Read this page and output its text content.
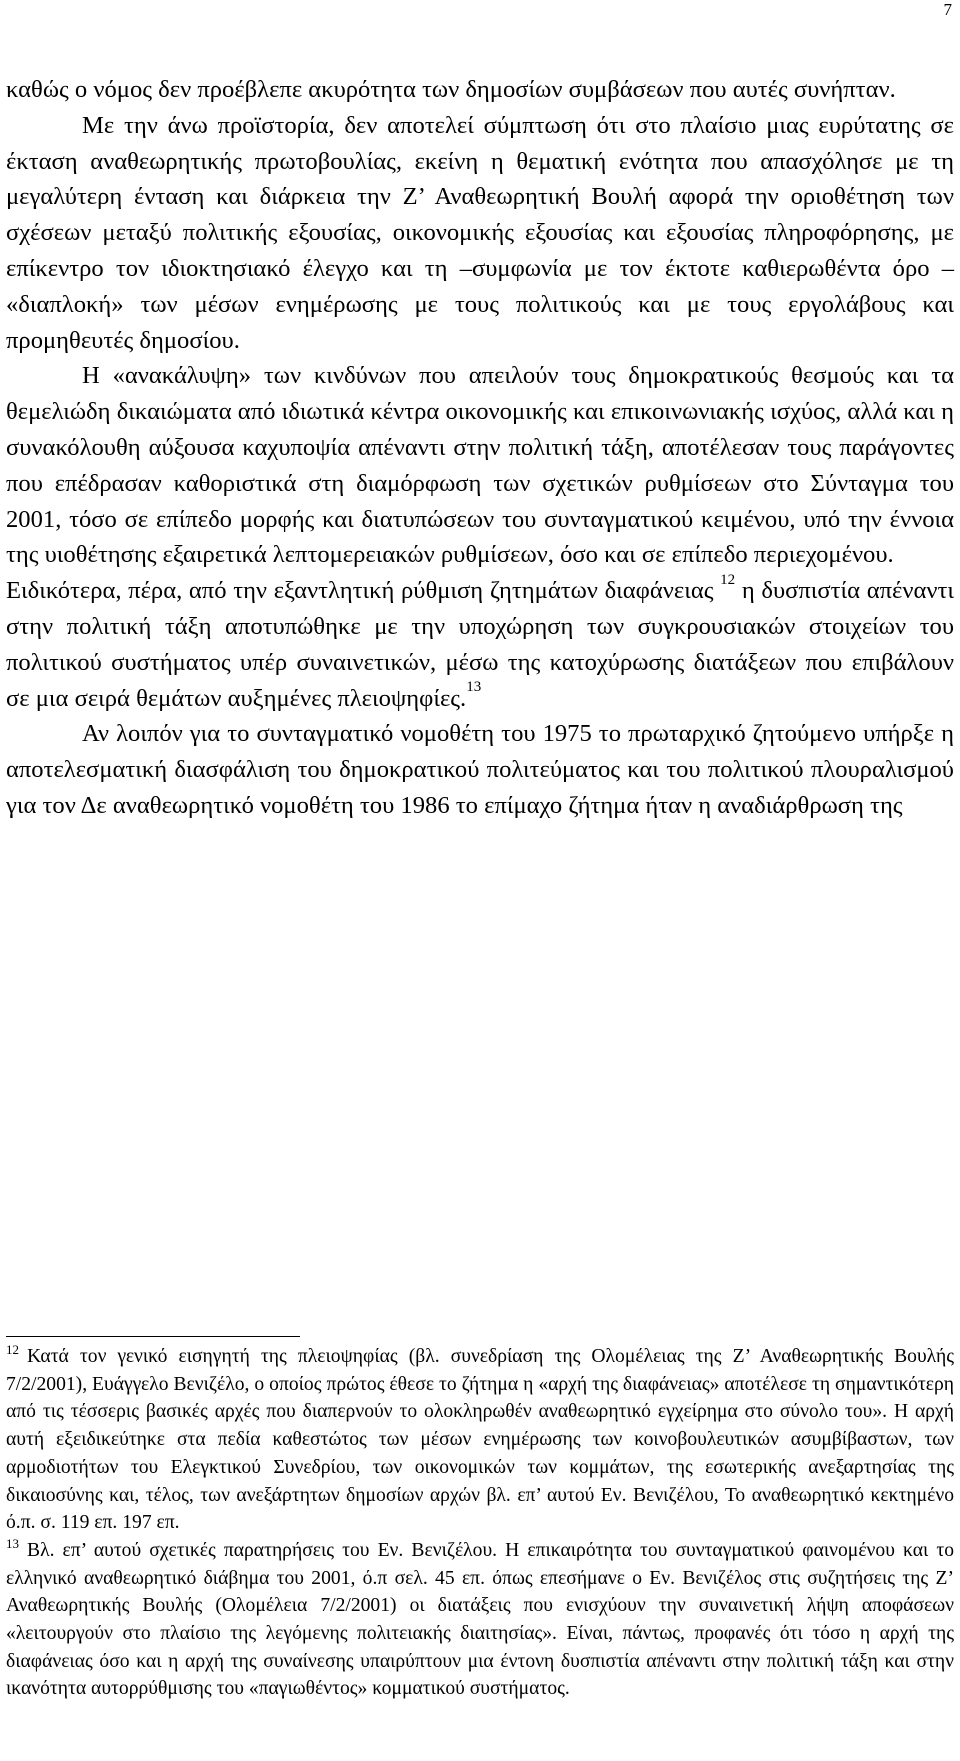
7

καθώς ο νόμος δεν προέβλεπε ακυρότητα των δημοσίων συμβάσεων που αυτές συνήπταν.

Με την άνω προϊστορία, δεν αποτελεί σύμπτωση ότι στο πλαίσιο μιας ευρύτατης σε έκταση αναθεωρητικής πρωτοβουλίας, εκείνη η θεματική ενότητα που απασχόλησε με τη μεγαλύτερη ένταση και διάρκεια την Ζ’ Αναθεωρητική Βουλή αφορά την οριοθέτηση των σχέσεων μεταξύ πολιτικής εξουσίας, οικονομικής εξουσίας και εξουσίας πληροφόρησης, με επίκεντρο τον ιδιοκτησιακό έλεγχο και τη –συμφωνία με τον έκτοτε καθιερωθέντα όρο – «διαπλοκή» των μέσων ενημέρωσης με τους πολιτικούς και με τους εργολάβους και προμηθευτές δημοσίου.

Η «ανακάλυψη» των κινδύνων που απειλούν τους δημοκρατικούς θεσμούς και τα θεμελιώδη δικαιώματα από ιδιωτικά κέντρα οικονομικής και επικοινωνιακής ισχύος, αλλά και η συνακόλουθη αύξουσα καχυποψία απέναντι στην πολιτική τάξη, αποτέλεσαν τους παράγοντες που επέδρασαν καθοριστικά στη διαμόρφωση των σχετικών ρυθμίσεων στο Σύνταγμα του 2001, τόσο σε επίπεδο μορφής και διατυπώσεων του συνταγματικού κειμένου, υπό την έννοια της υιοθέτησης εξαιρετικά λεπτομερειακών ρυθμίσεων, όσο και σε επίπεδο περιεχομένου.

Ειδικότερα, πέρα, από την εξαντλητική ρύθμιση ζητημάτων διαφάνειας $^{12}$ η δυσπιστία απέναντι στην πολιτική τάξη αποτυπώθηκε με την υποχώρηση των συγκρουσιακών στοιχείων του πολιτικού συστήματος υπέρ συναινετικών, μέσω της κατοχύρωσης διατάξεων που επιβάλουν σε μια σειρά θεμάτων αυξημένες πλειοψηφίες.$^{13}$

Αν λοιπόν για το συνταγματικό νομοθέτη του 1975 το πρωταρχικό ζητούμενο υπήρξε η αποτελεσματική διασφάλιση του δημοκρατικού πολιτεύματος και του πολιτικού πλουραλισμού για τον Δε αναθεωρητικό νομοθέτη του 1986 το επίμαχο ζήτημα ήταν η αναδιάρθρωση της

$^{12}$ Κατά τον γενικό εισηγητή της πλειοψηφίας (βλ. συνεδρίαση της Ολομέλειας της Ζ’ Αναθεωρητικής Βουλής 7/2/2001), Ευάγγελο Βενιζέλο, ο οποίος πρώτος έθεσε το ζήτημα η «αρχή της διαφάνειας» αποτέλεσε τη σημαντικότερη από τις τέσσερις βασικές αρχές που διαπερνούν το ολοκληρωθέν αναθεωρητικό εγχείρημα στο σύνολο του». Η αρχή αυτή εξειδικεύτηκε στα πεδία καθεστώτος των μέσων ενημέρωσης των κοινοβουλευτικών ασυμβίβαστων, των αρμοδιοτήτων του Ελεγκτικού Συνεδρίου, των οικονομικών των κομμάτων, της εσωτερικής ανεξαρτησίας της δικαιοσύνης και, τέλος, των ανεξάρτητων δημοσίων αρχών βλ. επ’ αυτού Εν. Βενιζέλου, Το αναθεωρητικό κεκτημένο ό.π. σ. 119 επ. 197 επ.

$^{13}$ Βλ. επ’ αυτού σχετικές παρατηρήσεις του Εν. Βενιζέλου. Η επικαιρότητα του συνταγματικού φαινομένου και το ελληνικό αναθεωρητικό διάβημα του 2001, ό.π σελ. 45 επ. όπως επεσήμανε ο Εν. Βενιζέλος στις συζητήσεις της Ζ’ Αναθεωρητικής Βουλής (Ολομέλεια 7/2/2001) οι διατάξεις που ενισχύουν την συναινετική λήψη αποφάσεων «λειτουργούν στο πλαίσιο της λεγόμενης πολιτειακής διαιτησίας». Είναι, πάντως, προφανές ότι τόσο η αρχή της διαφάνειας όσο και η αρχή της συναίνεσης υπαιρύπτουν μια έντονη δυσπιστία απέναντι στην πολιτική τάξη και στην ικανότητα αυτορρύθμισης του «παγιωθέντος» κομματικού συστήματος.
